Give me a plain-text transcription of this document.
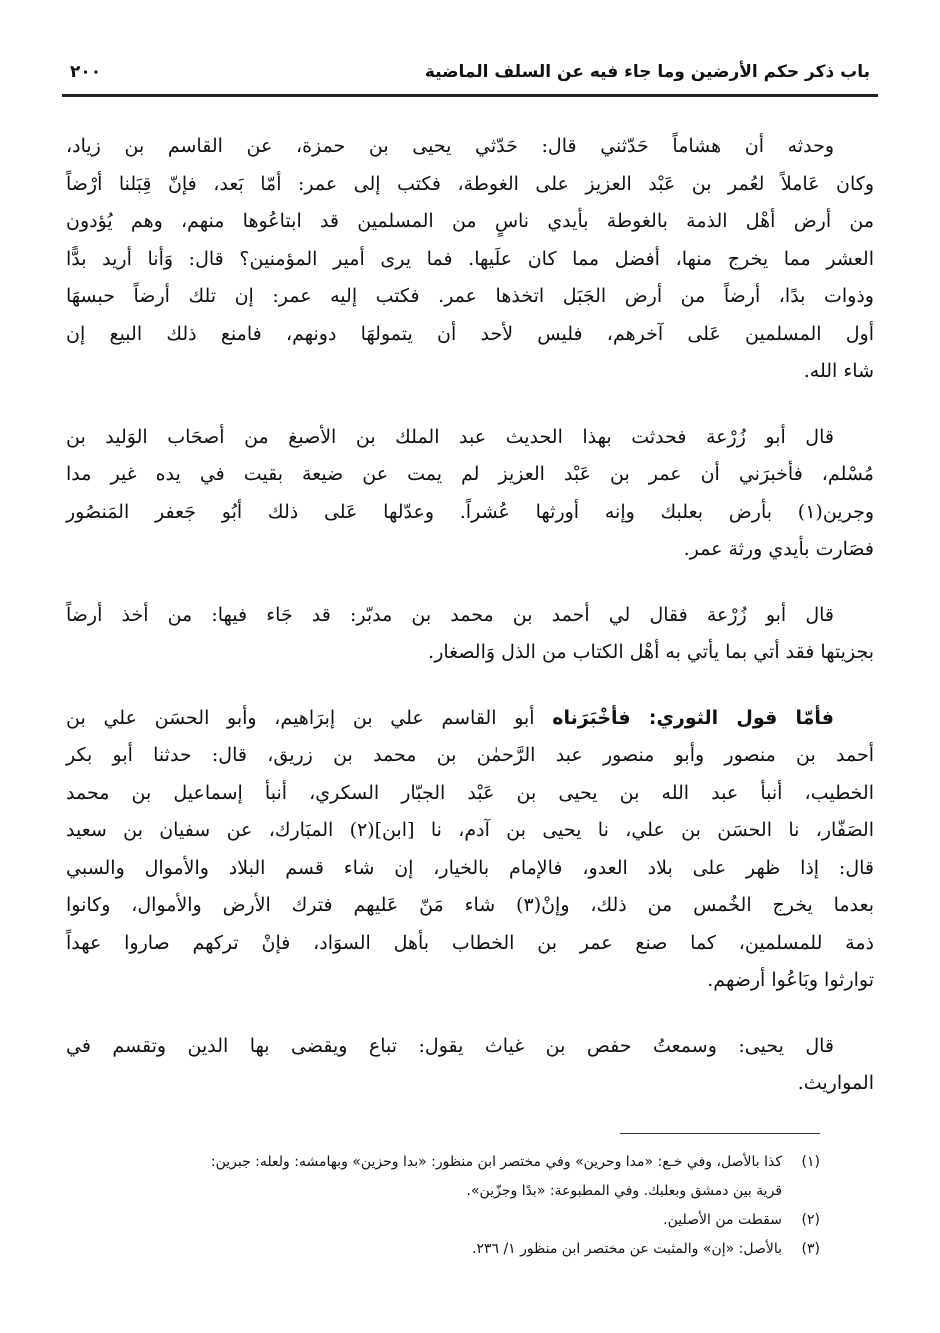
باب ذكر حكم الأرضين وما جاء فيه عن السلف الماضية
٢٠٠
وحدثه أن هشاماً حَدّثني قال: حَدّثي يحيى بن حمزة، عن القاسم بن زياد،
وكان عَاملاً لعُمر بن عَبْد العزيز على الغوطة، فكتب إلى عمر: أمّا بَعد، فإنّ قِبَلنا أرْضاً
من أرض أهْل الذمة بالغوطة بأيدي ناسٍ من المسلمين قد ابتاعُوها منهم، وهم يُؤدون
العشر مما يخرج منها، أفضل مما كان علَيها. فما يرى أمير المؤمنين؟ قال: وَأنا أريد بدًّا
وذوات بدًا، أرضاً من أرض الجَبَل اتخذها عمر. فكتب إليه عمر: إن تلك أرضاً حبسهَا
أول المسلمين عَلى آخرهم، فليس لأحد أن يتمولهَا دونهم، فامنع ذلك البيع إن
شاء الله.
قال أبو زُرْعة فحدثت بهذا الحديث عبد الملك بن الأصبغ من أصحَاب الوَليد بن
مُسْلم، فأخبرَني أن عمر بن عَبْد العزيز لم يمت عن ضيعة بقيت في يده غير مدا
وجرين(١) بأرض بعلبك وإنه أورثها عُشراً. وعدّلها عَلى ذلك أبُو جَعفر المَنصُور
فصَارت بأيدي ورثة عمر.
قال أبو زُرْعة فقال لي أحمد بن محمد بن مدبّر: قد جَاء فيها: من أخذ أرضاً
بجزيتها فقد أتي بما يأتي به أهْل الكتاب من الذل وَالصغار.
فأمّا قول الثوري: فأخْبَرَناه أبو القاسم علي بن إبرَاهيم، وأبو الحسَن علي بن
أحمد بن منصور وأبو منصور عبد الرَّحمٰن بن محمد بن زريق، قال: حدثنا أبو بكر
الخطيب، أنبأ عبد الله بن يحيى بن عَبْد الجبّار السكري، أنبأ إسماعيل بن محمد
الصَفّار، نا الحسَن بن علي، نا يحيى بن آدم، نا [ابن](٢) المبَارك، عن سفيان بن سعيد
قال: إذا ظهر على بلاد العدو، فالإمام بالخيار، إن شاء قسم البلاد والأموال والسبي
بعدما يخرج الخُمس من ذلك، وإنْ(٣) شاء مَنّ عَليهم فترك الأرض والأموال، وكانوا
ذمة للمسلمين، كما صنع عمر بن الخطاب بأهل السوَاد، فإنْ تركهم صاروا عهداً
توارثوا وبَاعُوا أرضهم.
قال يحيى: وسمعتُ حفص بن غياث يقول: تباع ويقضى بها الدين وتقسم في
المواريث.
(١)
كذا بالأصل، وفي خـع: «مدا وحرين» وفي مختصر ابن منظور: «بدا وحزين» وبهامشه: ولعله: جبرين:
قرية بين دمشق وبعلبك. وفي المطبوعة: «بدًا وجزّين».
(٢)
سقطت من الأصلين.
(٣)
بالأصل: «إن» والمثبت عن مختصر ابن منظور ١/ ٢٣٦.
